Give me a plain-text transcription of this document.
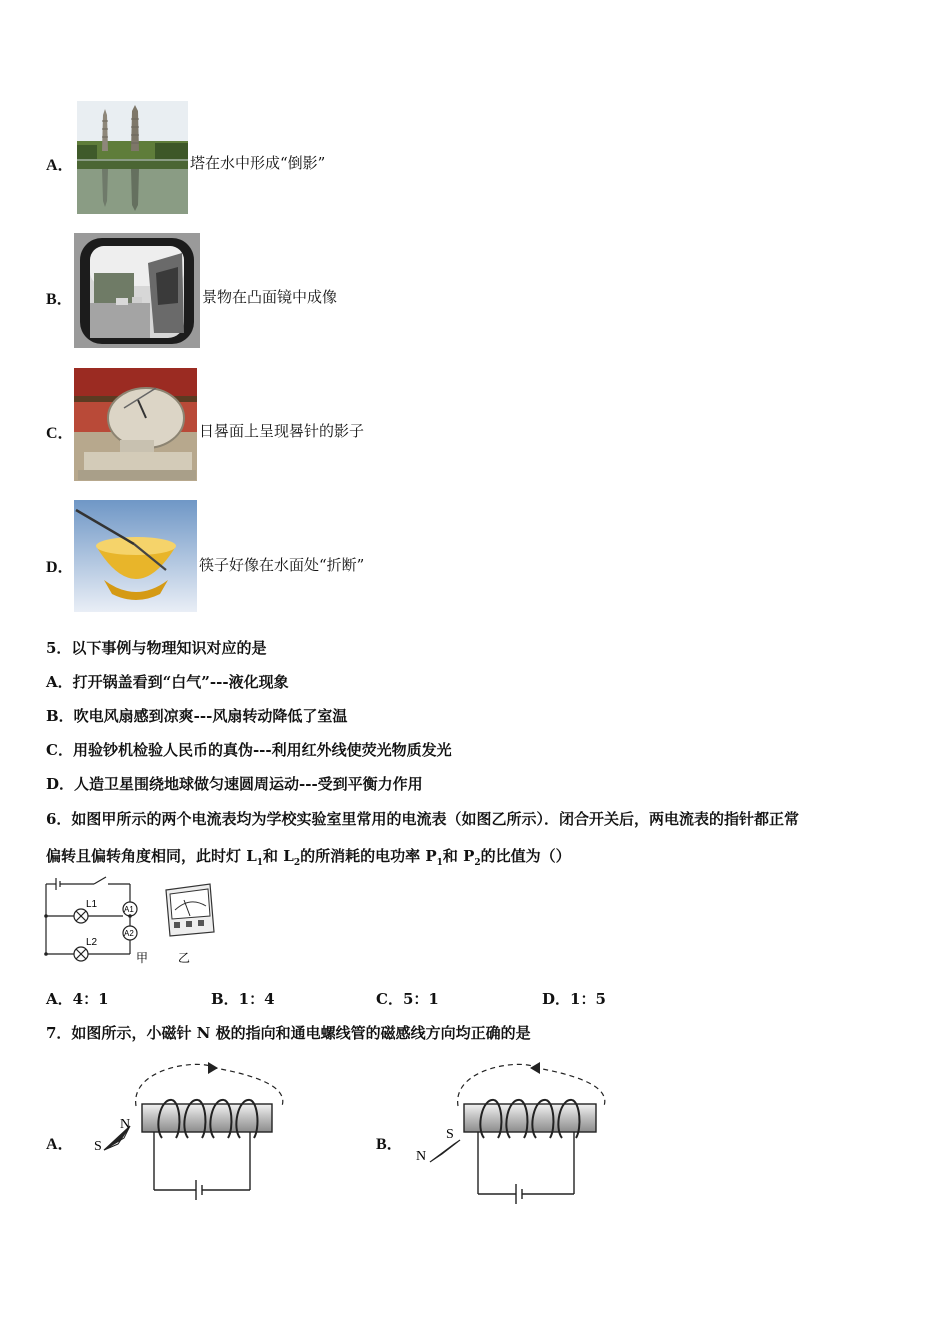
A．	塔在水中形成“倒影”
B．	景物在凸面镜中成像
C．	日晷面上呈现晷针的影子
D．	筷子好像在水面处“折断”
5．以下事例与物理知识对应的是
A．打开锅盖看到“白气”---液化现象
B．吹电风扇感到凉爽---风扇转动降低了室温
C．用验钞机检验人民币的真伪---利用红外线使荧光物质发光
D．人造卫星围绕地球做匀速圆周运动---受到平衡力作用
6．如图甲所示的两个电流表均为学校实验室里常用的电流表（如图乙所示）．闭合开关后，两电流表的指针都正常
偏转且偏转角度相同，此时灯 $L_1$和 $L_2$的所消耗的电功率 $P_1$和 $P_2$的比值为（）
L1
L2
A1
A2
甲 乙
A．4：1	B．1：4	C．5：1	D．1：5
7．如图所示，小磁针 N 极的指向和通电螺线管的磁感线方向均正确的是
A．
N
S	B．
S
N
